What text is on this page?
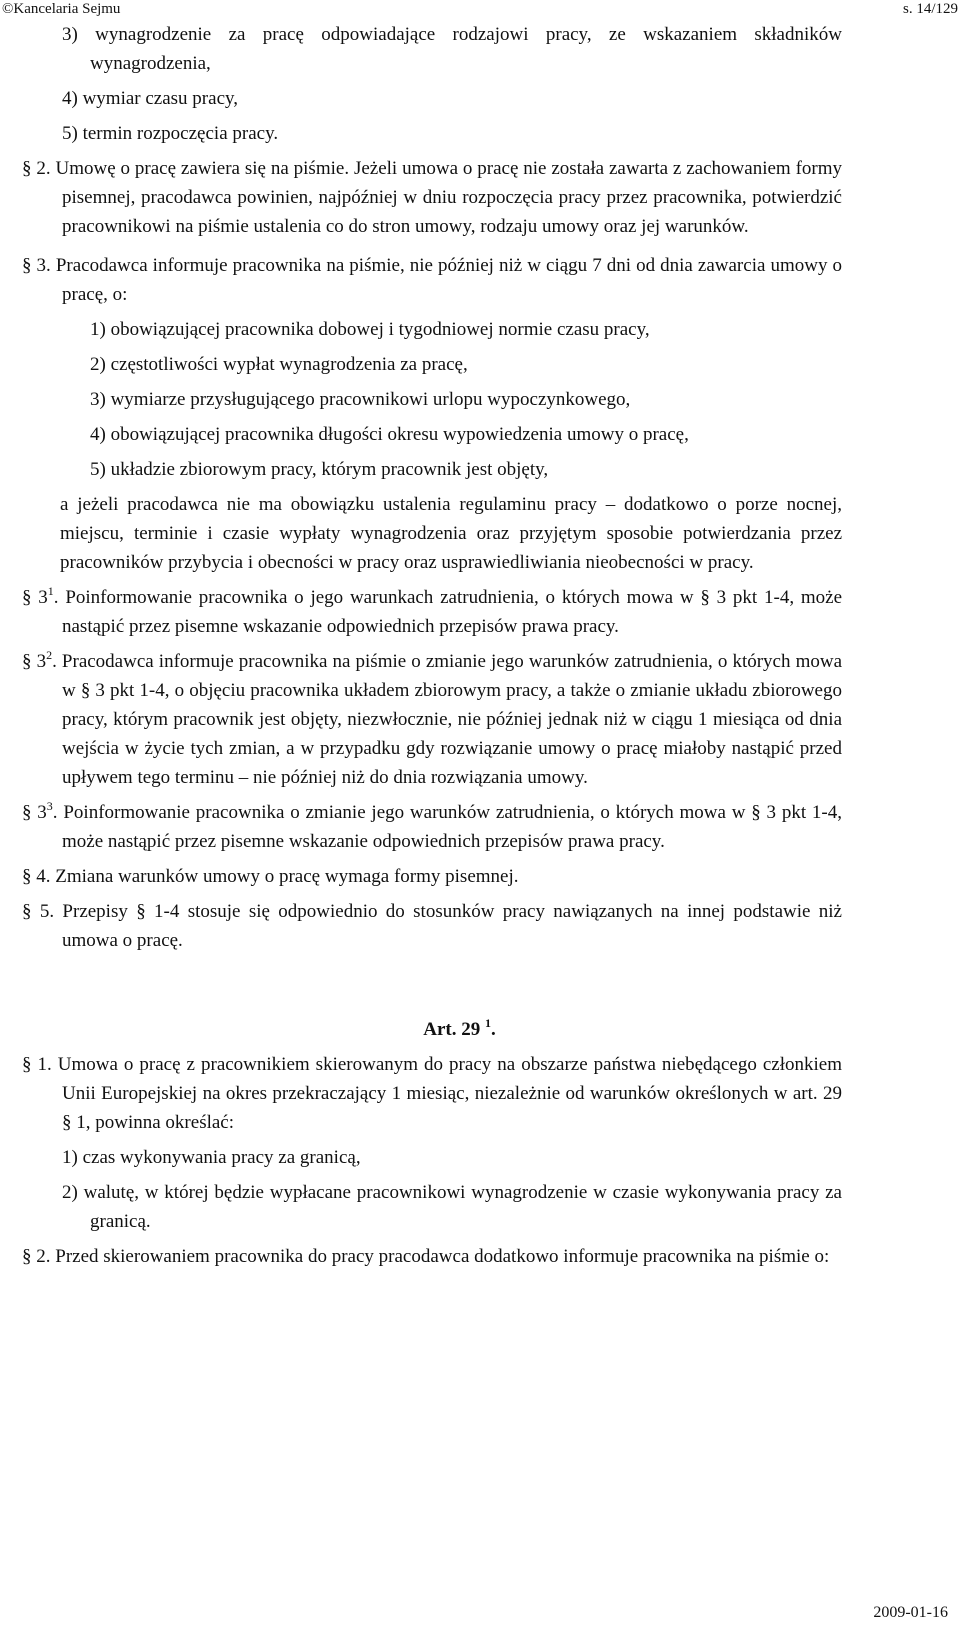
©Kancelaria Sejmu	s. 14/129

3) wynagrodzenie za pracę odpowiadające rodzajowi pracy, ze wskazaniem składników wynagrodzenia,

4) wymiar czasu pracy,

5) termin rozpoczęcia pracy.

§ 2. Umowę o pracę zawiera się na piśmie. Jeżeli umowa o pracę nie została zawarta z zachowaniem formy pisemnej, pracodawca powinien, najpóźniej w dniu rozpoczęcia pracy przez pracownika, potwierdzić pracownikowi na piśmie ustalenia co do stron umowy, rodzaju umowy oraz jej warunków.

§ 3. Pracodawca informuje pracownika na piśmie, nie później niż w ciągu 7 dni od dnia zawarcia umowy o pracę, o:

1) obowiązującej pracownika dobowej i tygodniowej normie czasu pracy,

2) częstotliwości wypłat wynagrodzenia za pracę,

3) wymiarze przysługującego pracownikowi urlopu wypoczynkowego,

4) obowiązującej pracownika długości okresu wypowiedzenia umowy o pracę,

5) układzie zbiorowym pracy, którym pracownik jest objęty,

a jeżeli pracodawca nie ma obowiązku ustalenia regulaminu pracy – dodatkowo o porze nocnej, miejscu, terminie i czasie wypłaty wynagrodzenia oraz przyjętym sposobie potwierdzania przez pracowników przybycia i obecności w pracy oraz usprawiedliwiania nieobecności w pracy.

§ $3^1$. Poinformowanie pracownika o jego warunkach zatrudnienia, o których mowa w § 3 pkt 1-4, może nastąpić przez pisemne wskazanie odpowiednich przepisów prawa pracy.

§ $3^2$. Pracodawca informuje pracownika na piśmie o zmianie jego warunków zatrudnienia, o których mowa w § 3 pkt 1-4, o objęciu pracownika układem zbiorowym pracy, a także o zmianie układu zbiorowego pracy, którym pracownik jest objęty, niezwłocznie, nie później jednak niż w ciągu 1 miesiąca od dnia wejścia w życie tych zmian, a w przypadku gdy rozwiązanie umowy o pracę miałoby nastąpić przed upływem tego terminu – nie później niż do dnia rozwiązania umowy.

§ $3^3$. Poinformowanie pracownika o zmianie jego warunków zatrudnienia, o których mowa w § 3 pkt 1-4, może nastąpić przez pisemne wskazanie odpowiednich przepisów prawa pracy.

§ 4. Zmiana warunków umowy o pracę wymaga formy pisemnej.

§ 5. Przepisy § 1-4 stosuje się odpowiednio do stosunków pracy nawiązanych na innej podstawie niż umowa o pracę.

Art. 29 $^1$.

§ 1. Umowa o pracę z pracownikiem skierowanym do pracy na obszarze państwa niebędącego członkiem Unii Europejskiej na okres przekraczający 1 miesiąc, niezależnie od warunków określonych w art. 29 § 1, powinna określać:

1) czas wykonywania pracy za granicą,

2) walutę, w której będzie wypłacane pracownikowi wynagrodzenie w czasie wykonywania pracy za granicą.

§ 2. Przed skierowaniem pracownika do pracy pracodawca dodatkowo informuje pracownika na piśmie o:

2009-01-16
